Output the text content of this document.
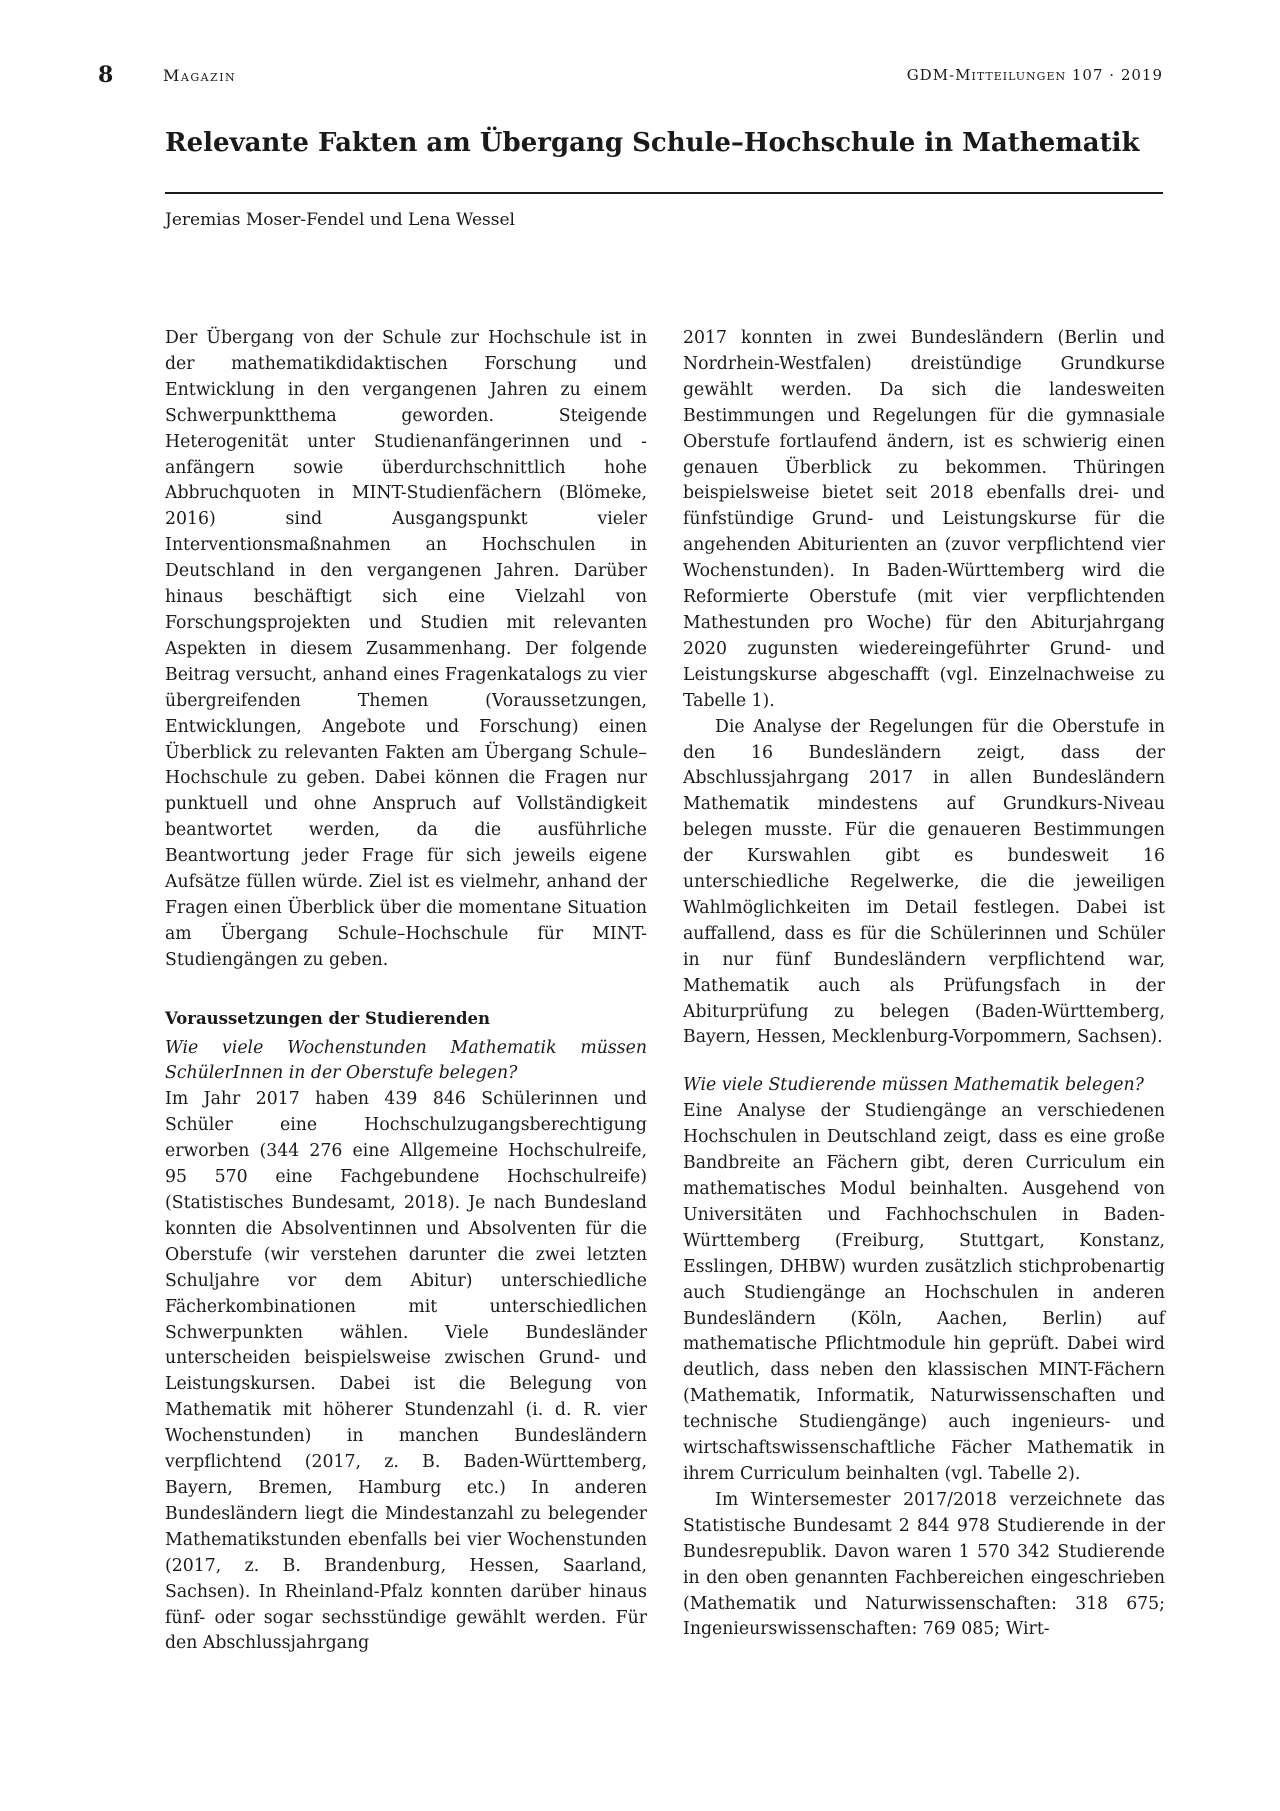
8	Magazin	GDM-Mitteilungen 107 · 2019
Relevante Fakten am Übergang Schule–Hochschule in Mathematik
Jeremias Moser-Fendel und Lena Wessel

Der Übergang von der Schule zur Hochschule ist in der mathematikdidaktischen Forschung und Entwicklung in den vergangenen Jahren zu einem Schwerpunktthema geworden. Steigende Heterogenität unter Studienanfängerinnen und -anfängern sowie überdurchschnittlich hohe Abbruchquoten in MINT-Studienfächern (Blömeke, 2016) sind Ausgangspunkt vieler Interventionsmaßnahmen an Hochschulen in Deutschland in den vergangenen Jahren. Darüber hinaus beschäftigt sich eine Vielzahl von Forschungsprojekten und Studien mit relevanten Aspekten in diesem Zusammenhang. Der folgende Beitrag versucht, anhand eines Fragenkatalogs zu vier übergreifenden Themen (Voraussetzungen, Entwicklungen, Angebote und Forschung) einen Überblick zu relevanten Fakten am Übergang Schule–Hochschule zu geben. Dabei können die Fragen nur punktuell und ohne Anspruch auf Vollständigkeit beantwortet werden, da die ausführliche Beantwortung jeder Frage für sich jeweils eigene Aufsätze füllen würde. Ziel ist es vielmehr, anhand der Fragen einen Überblick über die momentane Situation am Übergang Schule–Hochschule für MINT-Studiengängen zu geben.

Voraussetzungen der Studierenden

Wie viele Wochenstunden Mathematik müssen SchülerInnen in der Oberstufe belegen?

Im Jahr 2017 haben 439 846 Schülerinnen und Schüler eine Hochschulzugangsberechtigung erworben (344 276 eine Allgemeine Hochschulreife, 95 570 eine Fachgebundene Hochschulreife) (Statistisches Bundesamt, 2018). Je nach Bundesland konnten die Absolventinnen und Absolventen für die Oberstufe (wir verstehen darunter die zwei letzten Schuljahre vor dem Abitur) unterschiedliche Fächerkombinationen mit unterschiedlichen Schwerpunkten wählen. Viele Bundesländer unterscheiden beispielsweise zwischen Grund- und Leistungskursen. Dabei ist die Belegung von Mathematik mit höherer Stundenzahl (i. d. R. vier Wochenstunden) in manchen Bundesländern verpflichtend (2017, z. B. Baden-Württemberg, Bayern, Bremen, Hamburg etc.) In anderen Bundesländern liegt die Mindestanzahl zu belegender Mathematikstunden ebenfalls bei vier Wochenstunden (2017, z. B. Brandenburg, Hessen, Saarland, Sachsen). In Rheinland-Pfalz konnten darüber hinaus fünf- oder sogar sechsstündige gewählt werden. Für den Abschlussjahrgang

2017 konnten in zwei Bundesländern (Berlin und Nordrhein-Westfalen) dreistündige Grundkurse gewählt werden. Da sich die landesweiten Bestimmungen und Regelungen für die gymnasiale Oberstufe fortlaufend ändern, ist es schwierig einen genauen Überblick zu bekommen. Thüringen beispielsweise bietet seit 2018 ebenfalls drei- und fünfstündige Grund- und Leistungskurse für die angehenden Abiturienten an (zuvor verpflichtend vier Wochenstunden). In Baden-Württemberg wird die Reformierte Oberstufe (mit vier verpflichtenden Mathestunden pro Woche) für den Abiturjahrgang 2020 zugunsten wiedereingeführter Grund- und Leistungskurse abgeschafft (vgl. Einzelnachweise zu Tabelle 1).

Die Analyse der Regelungen für die Oberstufe in den 16 Bundesländern zeigt, dass der Abschlussjahrgang 2017 in allen Bundesländern Mathematik mindestens auf Grundkurs-Niveau belegen musste. Für die genaueren Bestimmungen der Kurswahlen gibt es bundesweit 16 unterschiedliche Regelwerke, die die jeweiligen Wahlmöglichkeiten im Detail festlegen. Dabei ist auffallend, dass es für die Schülerinnen und Schüler in nur fünf Bundesländern verpflichtend war, Mathematik auch als Prüfungsfach in der Abiturprüfung zu belegen (Baden-Württemberg, Bayern, Hessen, Mecklenburg-Vorpommern, Sachsen).

Wie viele Studierende müssen Mathematik belegen?

Eine Analyse der Studiengänge an verschiedenen Hochschulen in Deutschland zeigt, dass es eine große Bandbreite an Fächern gibt, deren Curriculum ein mathematisches Modul beinhalten. Ausgehend von Universitäten und Fachhochschulen in Baden-Württemberg (Freiburg, Stuttgart, Konstanz, Esslingen, DHBW) wurden zusätzlich stichprobenartig auch Studiengänge an Hochschulen in anderen Bundesländern (Köln, Aachen, Berlin) auf mathematische Pflichtmodule hin geprüft. Dabei wird deutlich, dass neben den klassischen MINT-Fächern (Mathematik, Informatik, Naturwissenschaften und technische Studiengänge) auch ingenieurs- und wirtschaftswissenschaftliche Fächer Mathematik in ihrem Curriculum beinhalten (vgl. Tabelle 2).

Im Wintersemester 2017/2018 verzeichnete das Statistische Bundesamt 2 844 978 Studierende in der Bundesrepublik. Davon waren 1 570 342 Studierende in den oben genannten Fachbereichen eingeschrieben (Mathematik und Naturwissenschaften: 318 675; Ingenieurswissenschaften: 769 085; Wirt-
